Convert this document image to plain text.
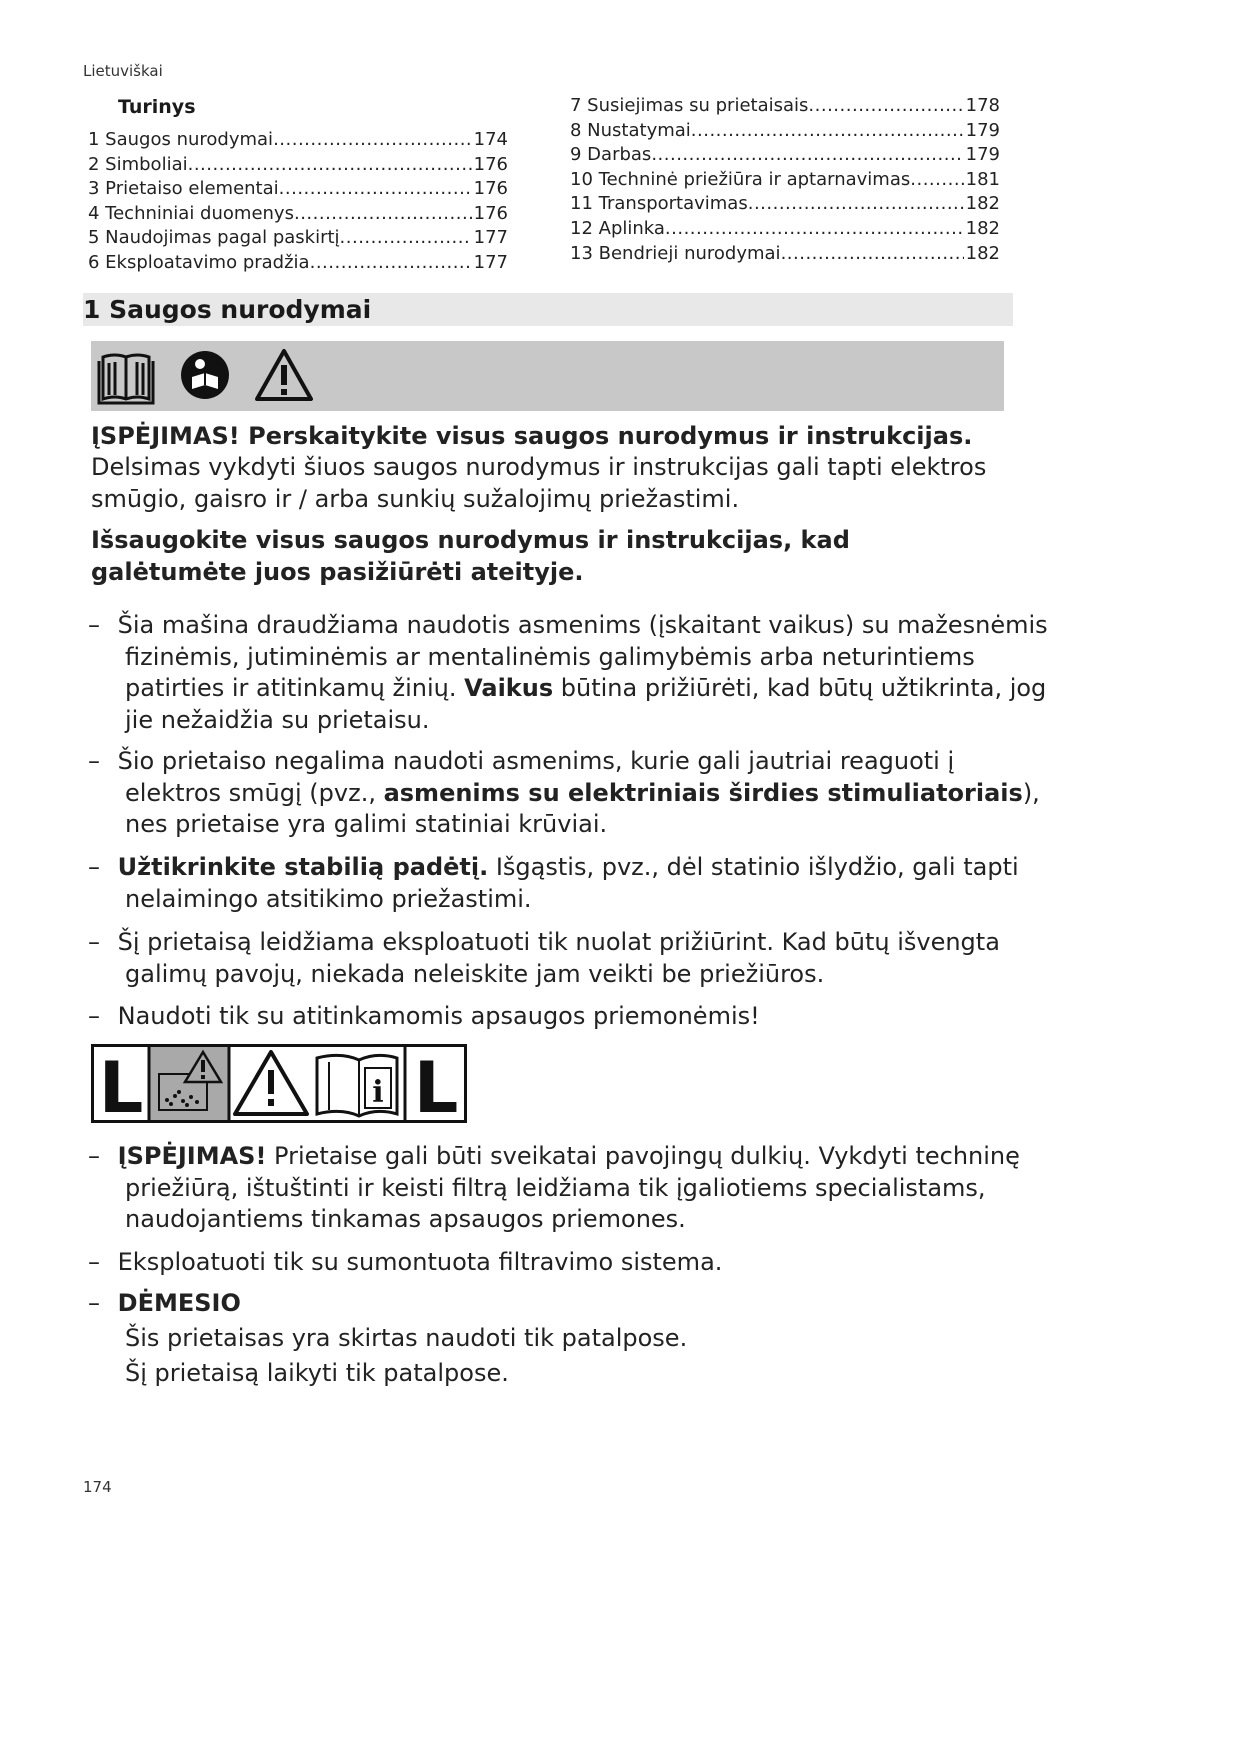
Lietuviškai
Turinys
1 Saugos nurodymai .....	174
2 Simboliai .....	176
3 Prietaiso elementai .....	176
4 Techniniai duomenys .....	176
5 Naudojimas pagal paskirtį .....	177
6 Eksploatavimo pradžia .....	177
7 Susiejimas su prietaisais .....	178
8 Nustatymai .....	179
9 Darbas .....	179
10 Techninė priežiūra ir aptarnavimas .....	181
11 Transportavimas .....	182
12 Aplinka .....	182
13 Bendrieji nurodymai .....	182
1 Saugos nurodymai
ĮSPĖJIMAS! Perskaitykite visus saugos nurodymus ir instrukcijas.
Delsimas vykdyti šiuos saugos nurodymus ir instrukcijas gali tapti elektros smūgio, gaisro ir / arba sunkių sužalojimų priežastimi.
Išsaugokite visus saugos nurodymus ir instrukcijas, kad galėtumėte juos pasižiūrėti ateityje.
– Šia mašina draudžiama naudotis asmenims (įskaitant vaikus) su mažesnėmis fizinėmis, jutiminėmis ar mentalinėmis galimybėmis arba neturintiems patirties ir atitinkamų žinių. Vaikus būtina prižiūrėti, kad būtų užtikrinta, jog jie nežaidžia su prietaisu.
– Šio prietaiso negalima naudoti asmenims, kurie gali jautriai reaguoti į elektros smūgį (pvz., asmenims su elektriniais širdies stimuliatoriais), nes prietaise yra galimi statiniai krūviai.
– Užtikrinkite stabilią padėtį. Išgąstis, pvz., dėl statinio išlydžio, gali tapti nelaimingo atsitikimo priežastimi.
– Šį prietaisą leidžiama eksploatuoti tik nuolat prižiūrint. Kad būtų išvengta galimų pavojų, niekada neleiskite jam veikti be priežiūros.
– Naudoti tik su atitinkamomis apsaugos priemonėmis!
L	i L
– ĮSPĖJIMAS! Prietaise gali būti sveikatai pavojingų dulkių. Vykdyti techninę priežiūrą, ištuštinti ir keisti filtrą leidžiama tik įgaliotiems specialistams, naudojantiems tinkamas apsaugos priemones.
– Eksploatuoti tik su sumontuota filtravimo sistema.
– DĖMESIO
Šis prietaisas yra skirtas naudoti tik patalpose.
Šį prietaisą laikyti tik patalpose.
174
